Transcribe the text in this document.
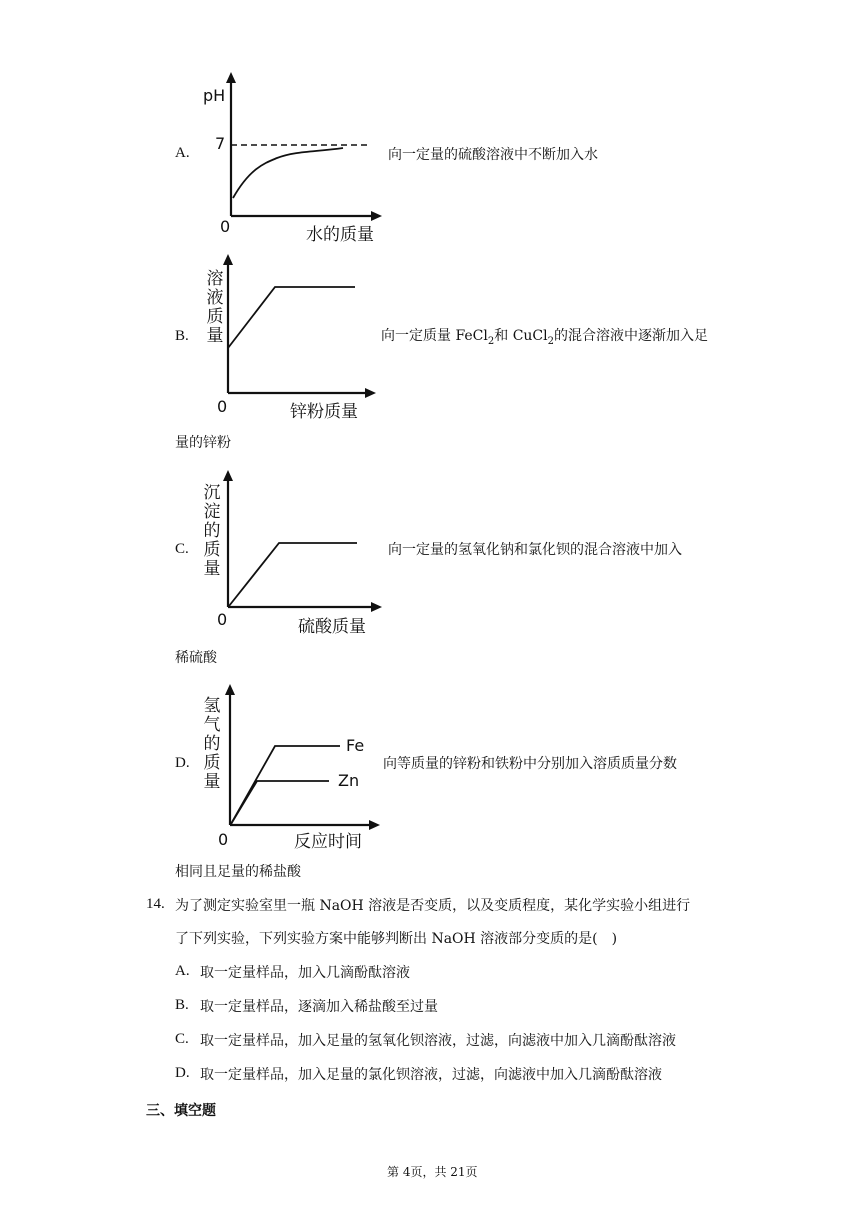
A.
pH
7
0	水的质量
向一定量的硫酸溶液中不断加入水
B.
溶液质量
0	锌粉质量
向一定质量 FeCl$_2$和 CuCl$_2$的混合溶液中逐渐加入足
量的锌粉
C.
沉淀的质量
0	硫酸质量
向一定量的氢氧化钠和氯化钡的混合溶液中加入
稀硫酸
D.
氢气的质量
Fe
Zn
0	反应时间
向等质量的锌粉和铁粉中分别加入溶质质量分数
相同且足量的稀盐酸
14. 为了测定实验室里一瓶 NaOH 溶液是否变质，以及变质程度，某化学实验小组进行
了下列实验，下列实验方案中能够判断出 NaOH 溶液部分变质的是(　)
A. 取一定量样品，加入几滴酚酞溶液
B. 取一定量样品，逐滴加入稀盐酸至过量
C. 取一定量样品，加入足量的氢氧化钡溶液，过滤，向滤液中加入几滴酚酞溶液
D. 取一定量样品，加入足量的氯化钡溶液，过滤，向滤液中加入几滴酚酞溶液
三、填空题
第 4页，共 21页
